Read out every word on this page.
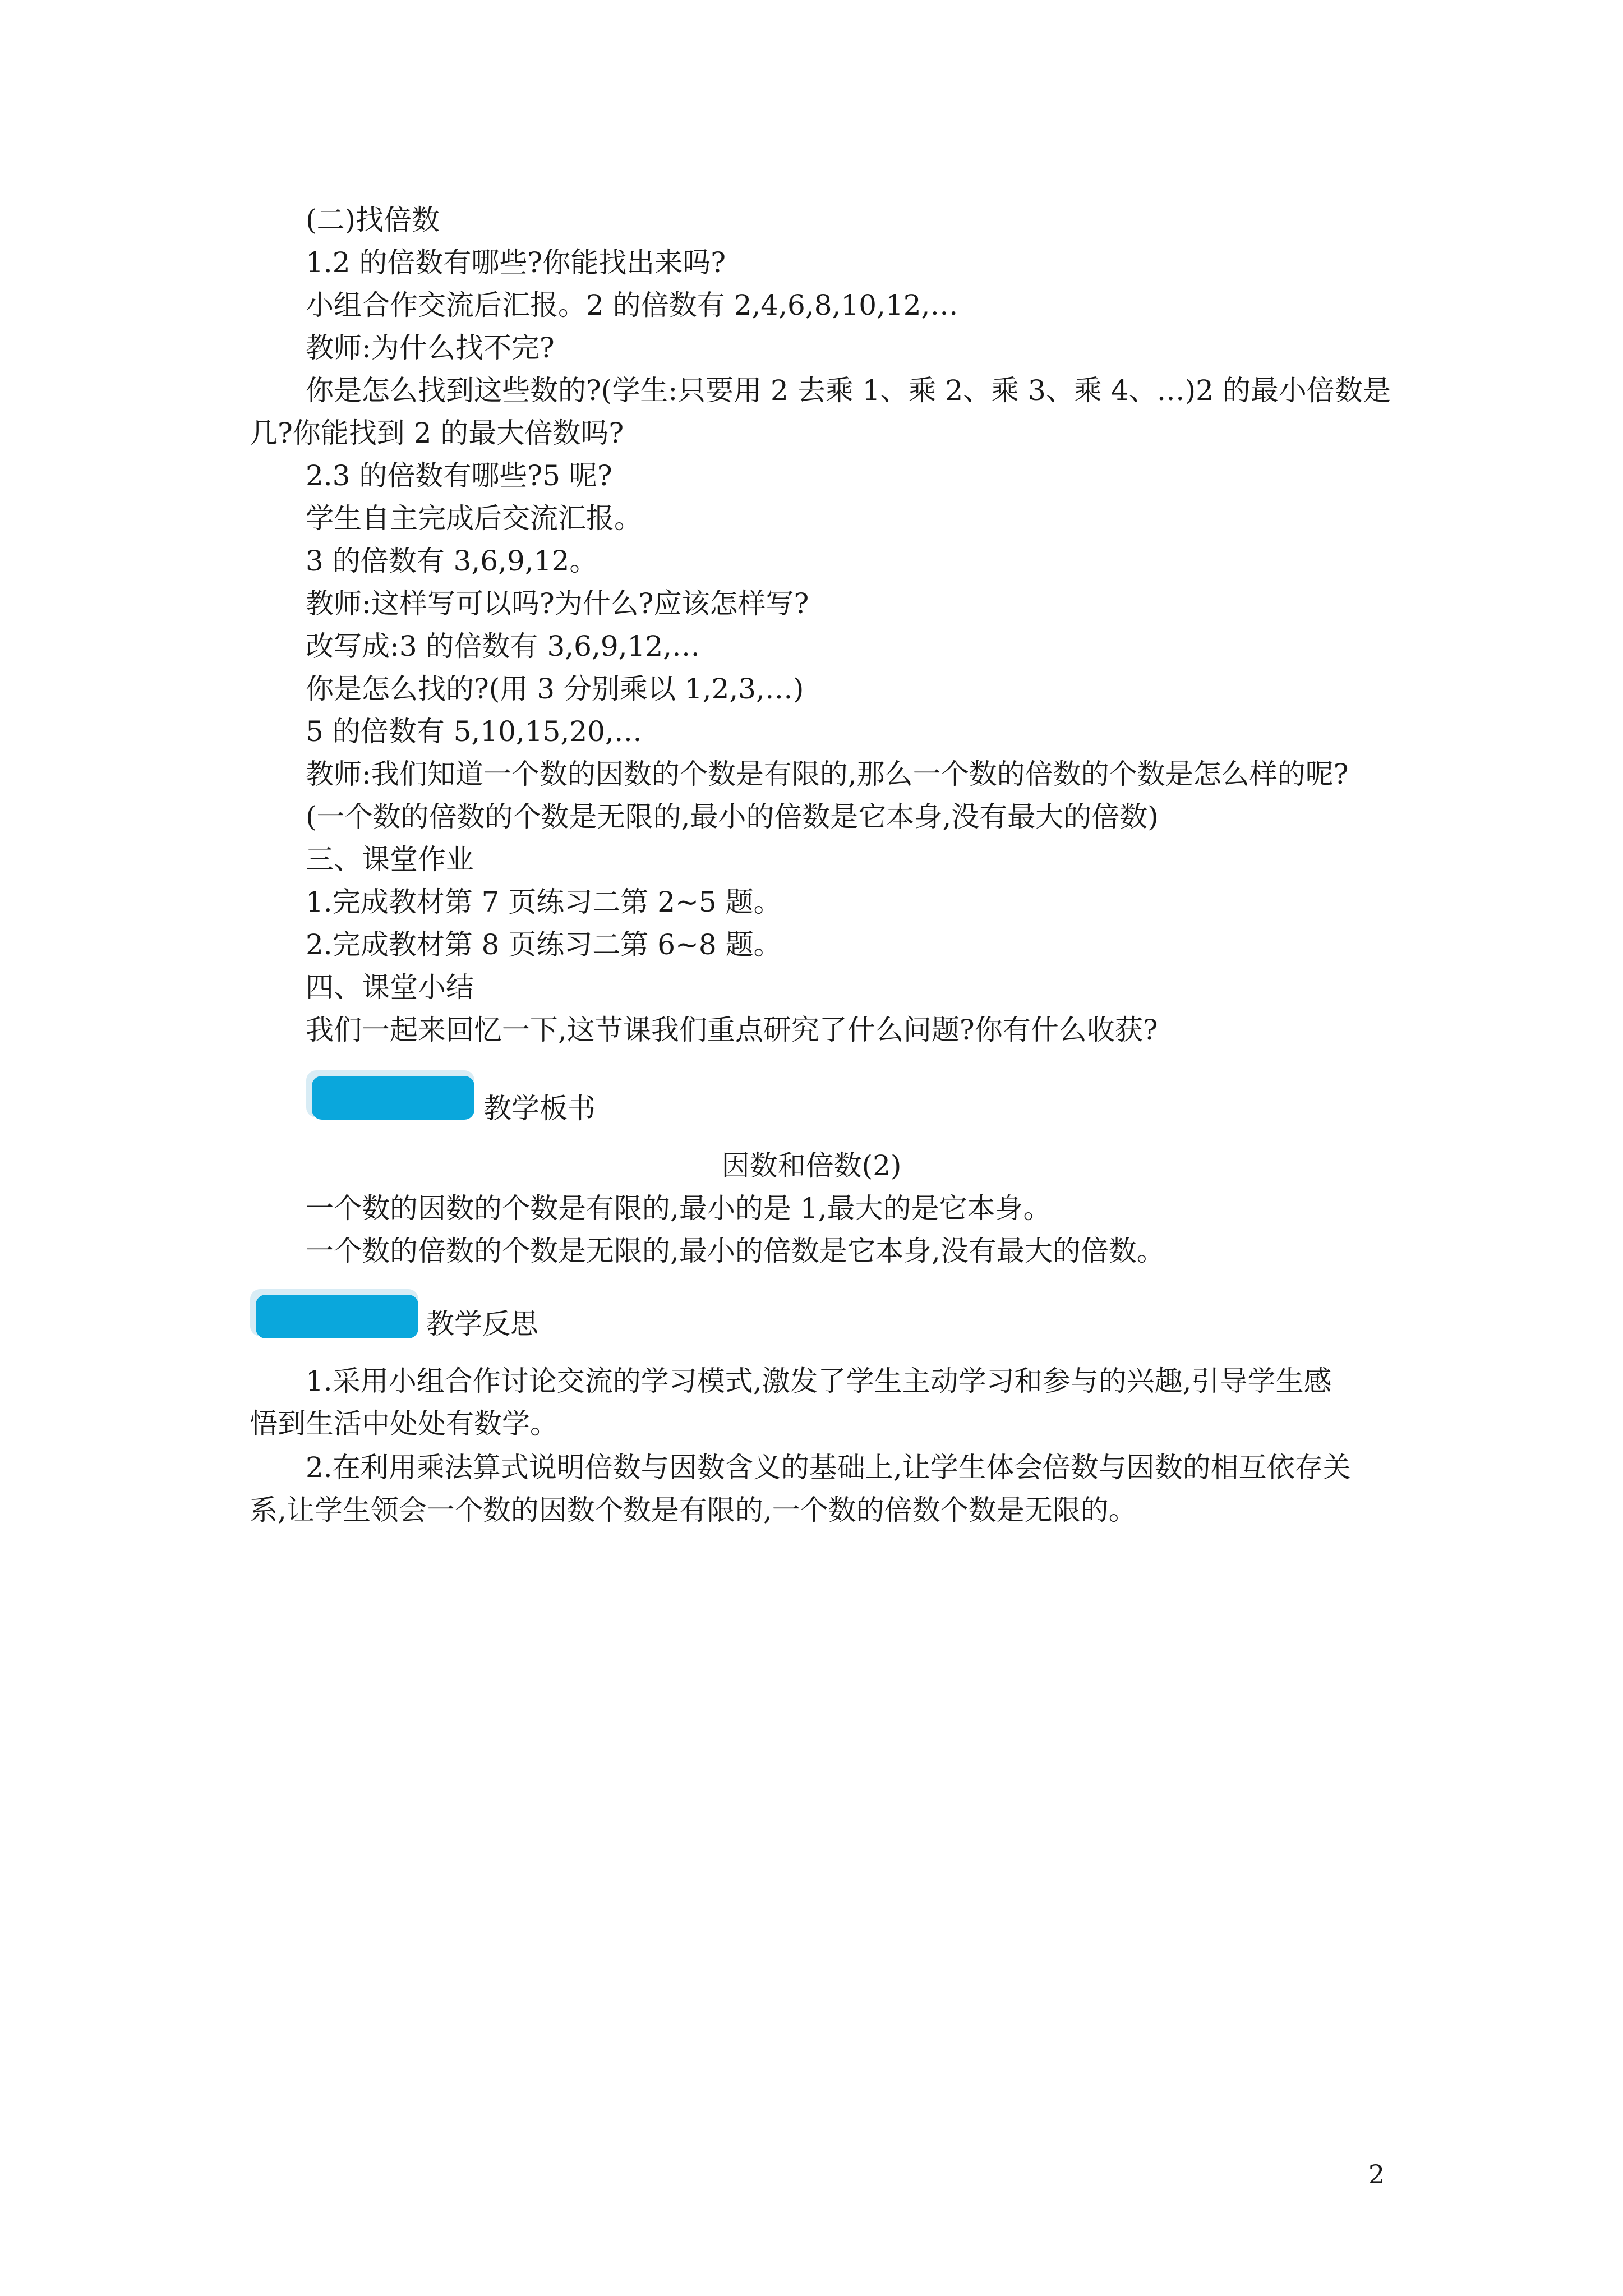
(二)找倍数
1.2 的倍数有哪些?你能找出来吗?
小组合作交流后汇报。2 的倍数有 2,4,6,8,10,12,…
教师:为什么找不完?
你是怎么找到这些数的?(学生:只要用 2 去乘 1、乘 2、乘 3、乘 4、…)2 的最小倍数是
几?你能找到 2 的最大倍数吗?
2.3 的倍数有哪些?5 呢?
学生自主完成后交流汇报。
3 的倍数有 3,6,9,12。
教师:这样写可以吗?为什么?应该怎样写?
改写成:3 的倍数有 3,6,9,12,…
你是怎么找的?(用 3 分别乘以 1,2,3,…)
5 的倍数有 5,10,15,20,…
教师:我们知道一个数的因数的个数是有限的,那么一个数的倍数的个数是怎么样的呢?
(一个数的倍数的个数是无限的,最小的倍数是它本身,没有最大的倍数)
三、课堂作业
1.完成教材第 7 页练习二第 2~5 题。
2.完成教材第 8 页练习二第 6~8 题。
四、课堂小结
我们一起来回忆一下,这节课我们重点研究了什么问题?你有什么收获?
教学板书
因数和倍数(2)
一个数的因数的个数是有限的,最小的是 1,最大的是它本身。
一个数的倍数的个数是无限的,最小的倍数是它本身,没有最大的倍数。
教学反思
1.采用小组合作讨论交流的学习模式,激发了学生主动学习和参与的兴趣,引导学生感
悟到生活中处处有数学。
2.在利用乘法算式说明倍数与因数含义的基础上,让学生体会倍数与因数的相互依存关
系,让学生领会一个数的因数个数是有限的,一个数的倍数个数是无限的。
2
